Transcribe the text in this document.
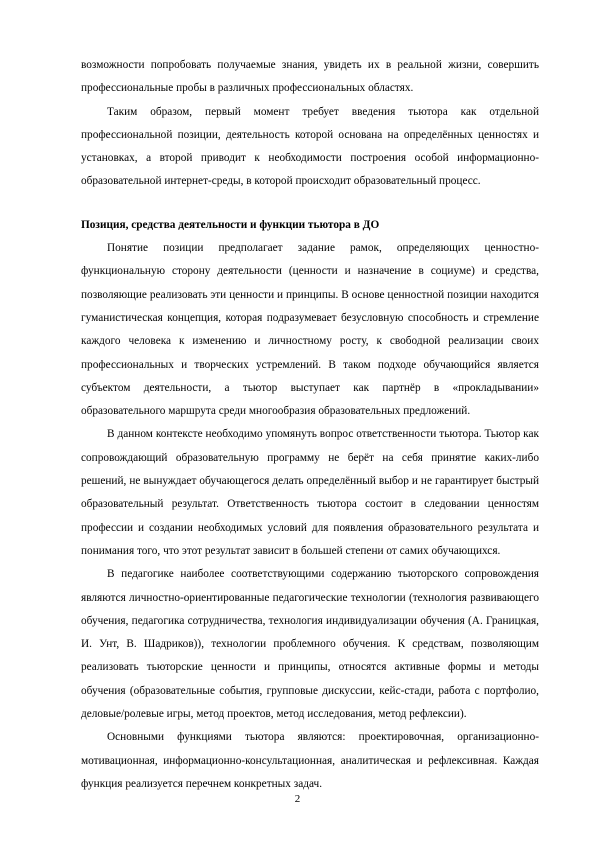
возможности попробовать получаемые знания, увидеть их в реальной жизни, совершить профессиональные пробы в различных профессиональных областях.

Таким образом, первый момент требует введения тьютора как отдельной профессиональной позиции, деятельность которой основана на определённых ценностях и установках, а второй приводит к необходимости построения особой информационно-образовательной интернет-среды, в которой происходит образовательный процесс.

Позиция, средства деятельности и функции тьютора в ДО

Понятие позиции предполагает задание рамок, определяющих ценностно-функциональную сторону деятельности (ценности и назначение в социуме) и средства, позволяющие реализовать эти ценности и принципы. В основе ценностной позиции находится гуманистическая концепция, которая подразумевает безусловную способность и стремление каждого человека к изменению и личностному росту, к свободной реализации своих профессиональных и творческих устремлений. В таком подходе обучающийся является субъектом деятельности, а тьютор выступает как партнёр в «прокладывании» образовательного маршрута среди многообразия образовательных предложений.

В данном контексте необходимо упомянуть вопрос ответственности тьютора. Тьютор как сопровождающий образовательную программу не берёт на себя принятие каких-либо решений, не вынуждает обучающегося делать определённый выбор и не гарантирует быстрый образовательный результат. Ответственность тьютора состоит в следовании ценностям профессии и создании необходимых условий для появления образовательного результата и понимания того, что этот результат зависит в большей степени от самих обучающихся.

В педагогике наиболее соответствующими содержанию тьюторского сопровождения являются личностно-ориентированные педагогические технологии (технология развивающего обучения, педагогика сотрудничества, технология индивидуализации обучения (А. Границкая, И. Унт, В. Шадриков)), технологии проблемного обучения. К средствам, позволяющим реализовать тьюторские ценности и принципы, относятся активные формы и методы обучения (образовательные события, групповые дискуссии, кейс-стади, работа с портфолио, деловые/ролевые игры, метод проектов, метод исследования, метод рефлексии).

Основными функциями тьютора являются: проектировочная, организационно-мотивационная, информационно-консультационная, аналитическая и рефлексивная. Каждая функция реализуется перечнем конкретных задач.

2
